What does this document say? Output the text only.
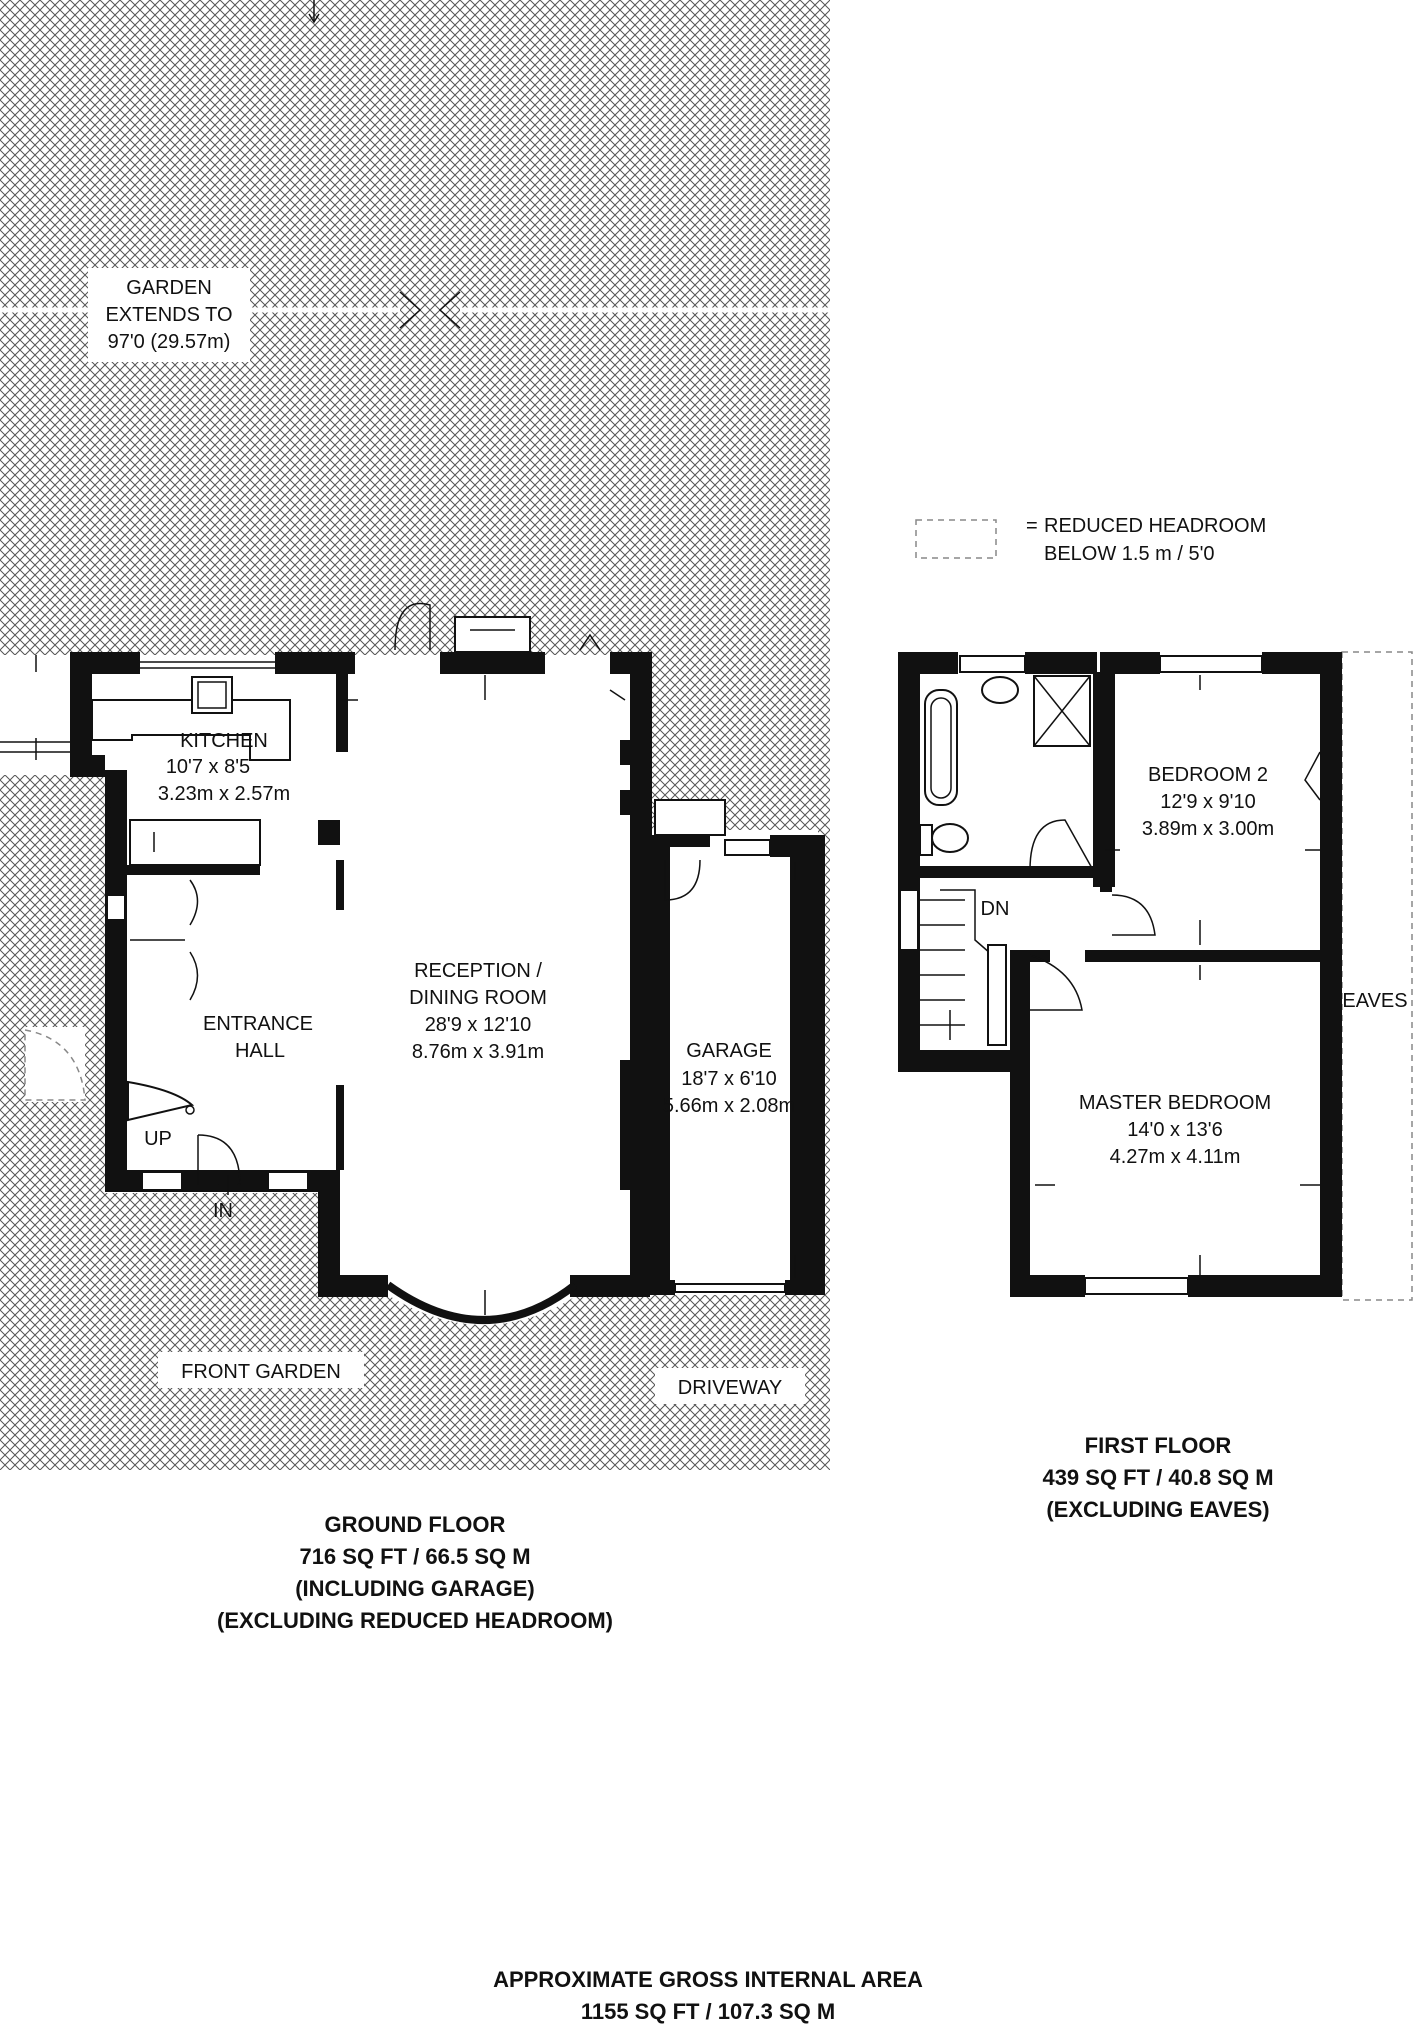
GARDEN
EXTENDS TO
97'0 (29.57m)
KITCHEN
10'7 x 8'5
3.23m x 2.57m
RECEPTION /
DINING ROOM
28'9 x 12'10
8.76m x 3.91m
ENTRANCE
HALL	GARAGE
18'7 x 6'10
5.66m x 2.08m
UP
IN
FRONT GARDEN
DRIVEWAY
GROUND FLOOR
716 SQ FT / 66.5 SQ M
(INCLUDING GARAGE)
(EXCLUDING REDUCED HEADROOM)
= REDUCED HEADROOM
BELOW 1.5 m / 5'0
BEDROOM 2
12'9 x 9'10
3.89m x 3.00m
MASTER BEDROOM
14'0 x 13'6
4.27m x 4.11m
DN
EAVES
FIRST FLOOR
439 SQ FT / 40.8 SQ M
(EXCLUDING EAVES)
APPROXIMATE GROSS INTERNAL AREA
1155 SQ FT / 107.3 SQ M
